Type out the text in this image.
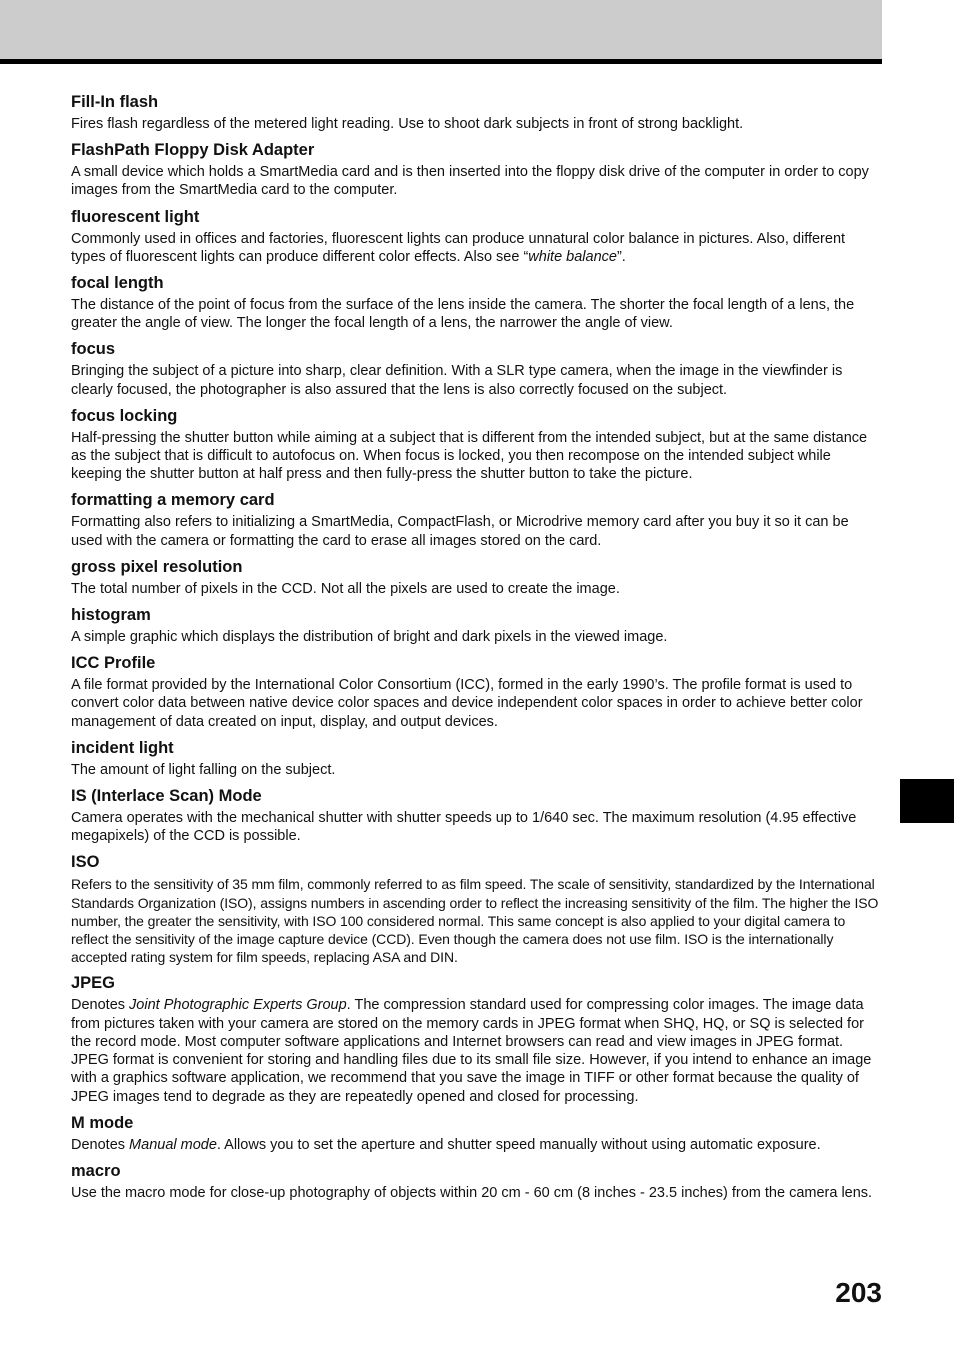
Fill-In flash

Fires flash regardless of the metered light reading. Use to shoot dark subjects in front of strong backlight.

FlashPath Floppy Disk Adapter

A small device which holds a SmartMedia card and is then inserted into the floppy disk drive of the computer in order to copy images from the SmartMedia card to the computer.

fluorescent light

Commonly used in offices and factories, fluorescent lights can produce unnatural color balance in pictures. Also, different types of fluorescent lights can produce different color effects. Also see “white balance”.

focal length

The distance of the point of focus from the surface of the lens inside the camera. The shorter the focal length of a lens, the greater the angle of view. The longer the focal length of a lens, the narrower the angle of view.

focus

Bringing the subject of a picture into sharp, clear definition. With a SLR type camera, when the image in the viewfinder is clearly focused, the photographer is also assured that the lens is also correctly focused on the subject.

focus locking

Half-pressing the shutter button while aiming at a subject that is different from the intended subject, but at the same distance as the subject that is difficult to autofocus on. When focus is locked, you then recompose on the intended subject while keeping the shutter button at half press and then fully-press the shutter button to take the picture.

formatting a memory card

Formatting also refers to initializing a SmartMedia, CompactFlash, or Microdrive memory card after you buy it so it can be used with the camera or formatting the card to erase all images stored on the card.

gross pixel resolution

The total number of pixels in the CCD. Not all the pixels are used to create the image.

histogram

A simple graphic which displays the distribution of bright and dark pixels in the viewed image.

ICC Profile

A file format provided by the International Color Consortium (ICC), formed in the early 1990’s. The profile format is used to convert color data between native device color spaces and device independent color spaces in order to achieve better color management of data created on input, display, and output devices.

incident light

The amount of light falling on the subject.

IS (Interlace Scan) Mode

Camera operates with the mechanical shutter with shutter speeds up to 1/640 sec. The maximum resolution (4.95 effective megapixels) of the CCD is possible.

ISO

Refers to the sensitivity of 35 mm film, commonly referred to as film speed. The scale of sensitivity, standardized by the International Standards Organization (ISO), assigns numbers in ascending order to reflect the increasing sensitivity of the film. The higher the ISO number, the greater the sensitivity, with ISO 100 considered normal. This same concept is also applied to your digital camera to reflect the sensitivity of the image capture device (CCD). Even though the camera does not use film. ISO is the internationally accepted rating system for film speeds, replacing ASA and DIN.

JPEG

Denotes Joint Photographic Experts Group. The compression standard used for compressing color images. The image data from pictures taken with your camera are stored on the memory cards in JPEG format when SHQ, HQ, or SQ is selected for the record mode. Most computer software applications and Internet browsers can read and view images in JPEG format. JPEG format is convenient for storing and handling files due to its small file size. However, if you intend to enhance an image with a graphics software application, we recommend that you save the image in TIFF or other format because the quality of JPEG images tend to degrade as they are repeatedly opened and closed for processing.

M mode

Denotes Manual mode. Allows you to set the aperture and shutter speed manually without using automatic exposure.

macro

Use the macro mode for close-up photography of objects within 20 cm - 60 cm (8 inches - 23.5 inches) from the camera lens.

203
